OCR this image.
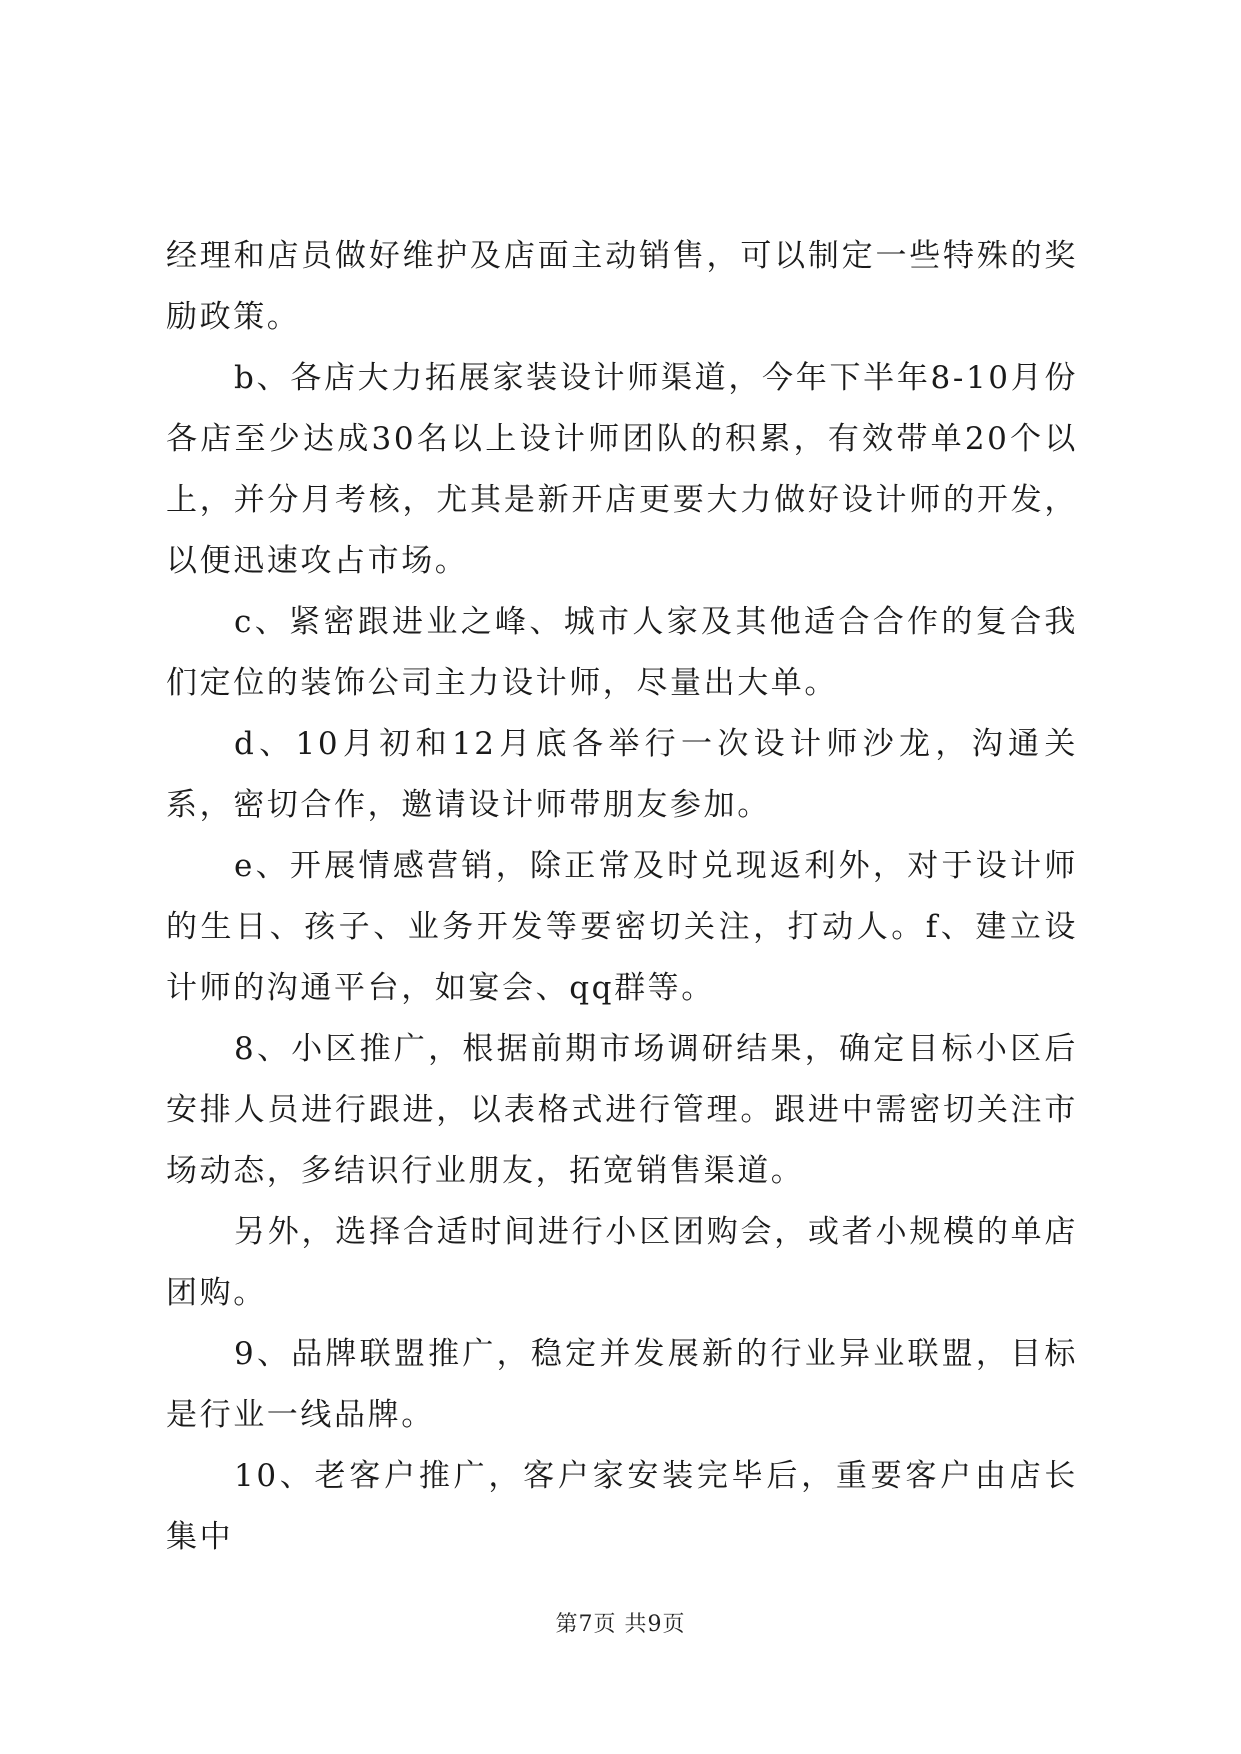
经理和店员做好维护及店面主动销售，可以制定一些特殊的奖励政策。

b、各店大力拓展家装设计师渠道，今年下半年8-10月份各店至少达成30名以上设计师团队的积累，有效带单20个以上，并分月考核，尤其是新开店更要大力做好设计师的开发，以便迅速攻占市场。

c、紧密跟进业之峰、城市人家及其他适合合作的复合我们定位的装饰公司主力设计师，尽量出大单。

d、10月初和12月底各举行一次设计师沙龙，沟通关系，密切合作，邀请设计师带朋友参加。

e、开展情感营销，除正常及时兑现返利外，对于设计师的生日、孩子、业务开发等要密切关注，打动人。f、建立设计师的沟通平台，如宴会、qq群等。

8、小区推广，根据前期市场调研结果，确定目标小区后安排人员进行跟进，以表格式进行管理。跟进中需密切关注市场动态，多结识行业朋友，拓宽销售渠道。

另外，选择合适时间进行小区团购会，或者小规模的单店团购。

9、品牌联盟推广，稳定并发展新的行业异业联盟，目标是行业一线品牌。

10、老客户推广，客户家安装完毕后，重要客户由店长集中

第7页 共9页
